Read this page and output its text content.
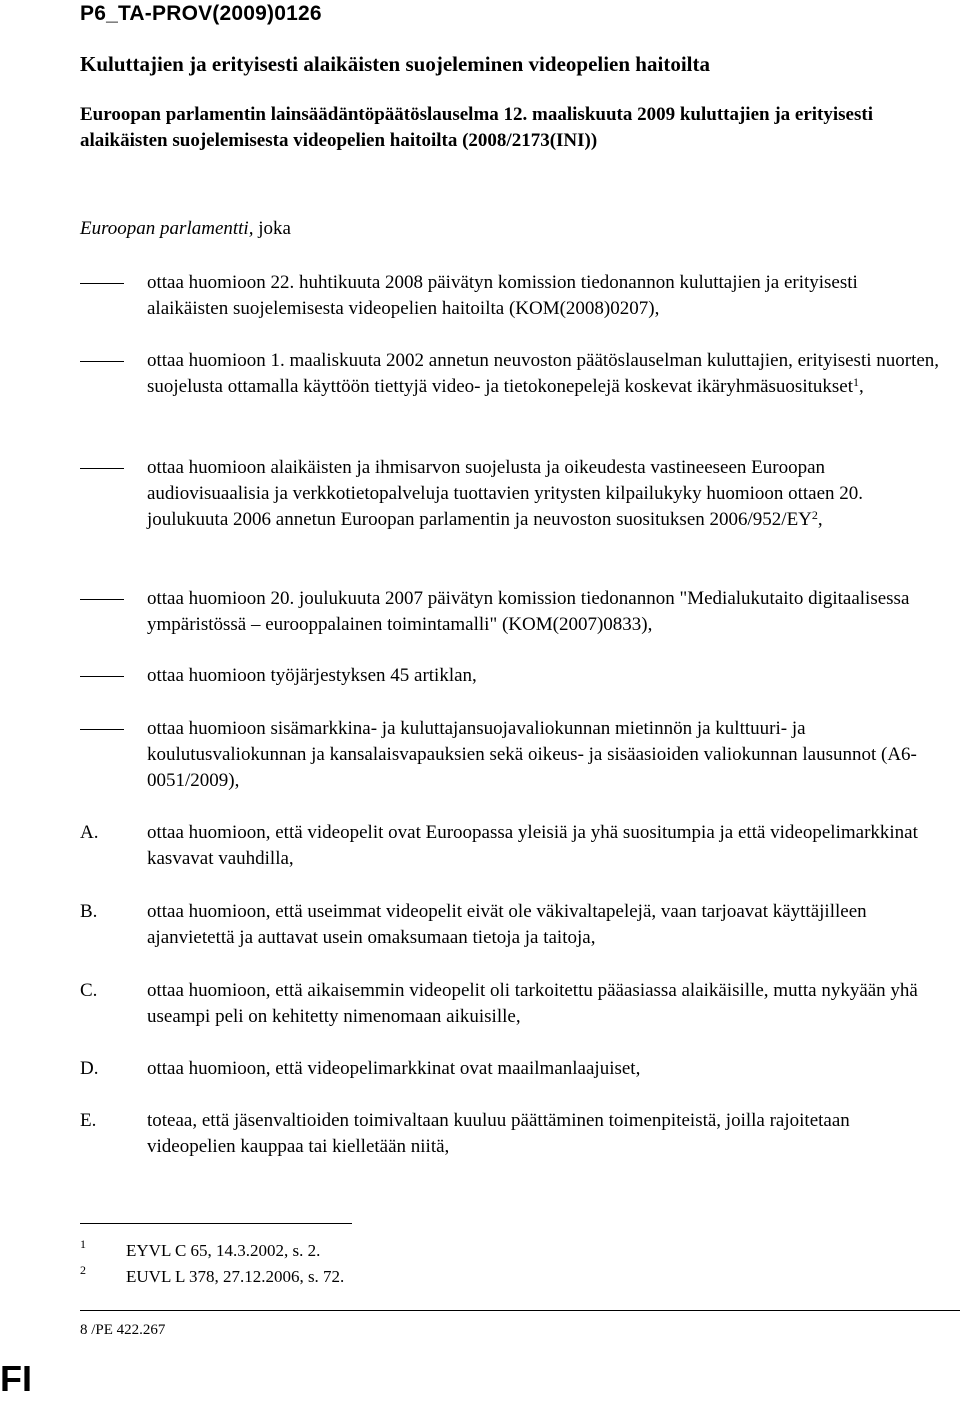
P6_TA-PROV(2009)0126
Kuluttajien ja erityisesti alaikäisten suojeleminen videopelien haitoilta
Euroopan parlamentin lainsäädäntöpäätöslauselma 12. maaliskuuta 2009 kuluttajien ja erityisesti alaikäisten suojelemisesta videopelien haitoilta (2008/2173(INI))
Euroopan parlamentti, joka
ottaa huomioon 22. huhtikuuta 2008 päivätyn komission tiedonannon kuluttajien ja erityisesti alaikäisten suojelemisesta videopelien haitoilta (KOM(2008)0207),
ottaa huomioon 1. maaliskuuta 2002 annetun neuvoston päätöslauselman kuluttajien, erityisesti nuorten, suojelusta ottamalla käyttöön tiettyjä video- ja tietokonepelejä koskevat ikäryhmäsuositukset$^1$,
ottaa huomioon alaikäisten ja ihmisarvon suojelusta ja oikeudesta vastineeseen Euroopan audiovisuaalisia ja verkkotietopalveluja tuottavien yritysten kilpailukyky huomioon ottaen 20. joulukuuta 2006 annetun Euroopan parlamentin ja neuvoston suosituksen $2006/952/EY^2$,
ottaa huomioon 20. joulukuuta 2007 päivätyn komission tiedonannon "Medialukutaito digitaalisessa ympäristössä – eurooppalainen toimintamalli" (KOM(2007)0833),
ottaa huomioon työjärjestyksen 45 artiklan,
ottaa huomioon sisämarkkina- ja kuluttajansuojavaliokunnan mietinnön ja kulttuuri- ja koulutusvaliokunnan ja kansalaisvapauksien sekä oikeus- ja sisäasioiden valiokunnan lausunnot (A6-0051/2009),
A.	ottaa huomioon, että videopelit ovat Euroopassa yleisiä ja yhä suositumpia ja että videopelimarkkinat kasvavat vauhdilla,
B.	ottaa huomioon, että useimmat videopelit eivät ole väkivaltapelejä, vaan tarjoavat käyttäjilleen ajanvietettä ja auttavat usein omaksumaan tietoja ja taitoja,
C.	ottaa huomioon, että aikaisemmin videopelit oli tarkoitettu pääasiassa alaikäisille, mutta nykyään yhä useampi peli on kehitetty nimenomaan aikuisille,
D.	ottaa huomioon, että videopelimarkkinat ovat maailmanlaajuiset,
E.	toteaa, että jäsenvaltioiden toimivaltaan kuuluu päättäminen toimenpiteistä, joilla rajoitetaan videopelien kauppaa tai kielletään niitä,
1 EYVL C 65, 14.3.2002, s. 2.
2 EUVL L 378, 27.12.2006, s. 72.
8 /PE 422.267
FI
